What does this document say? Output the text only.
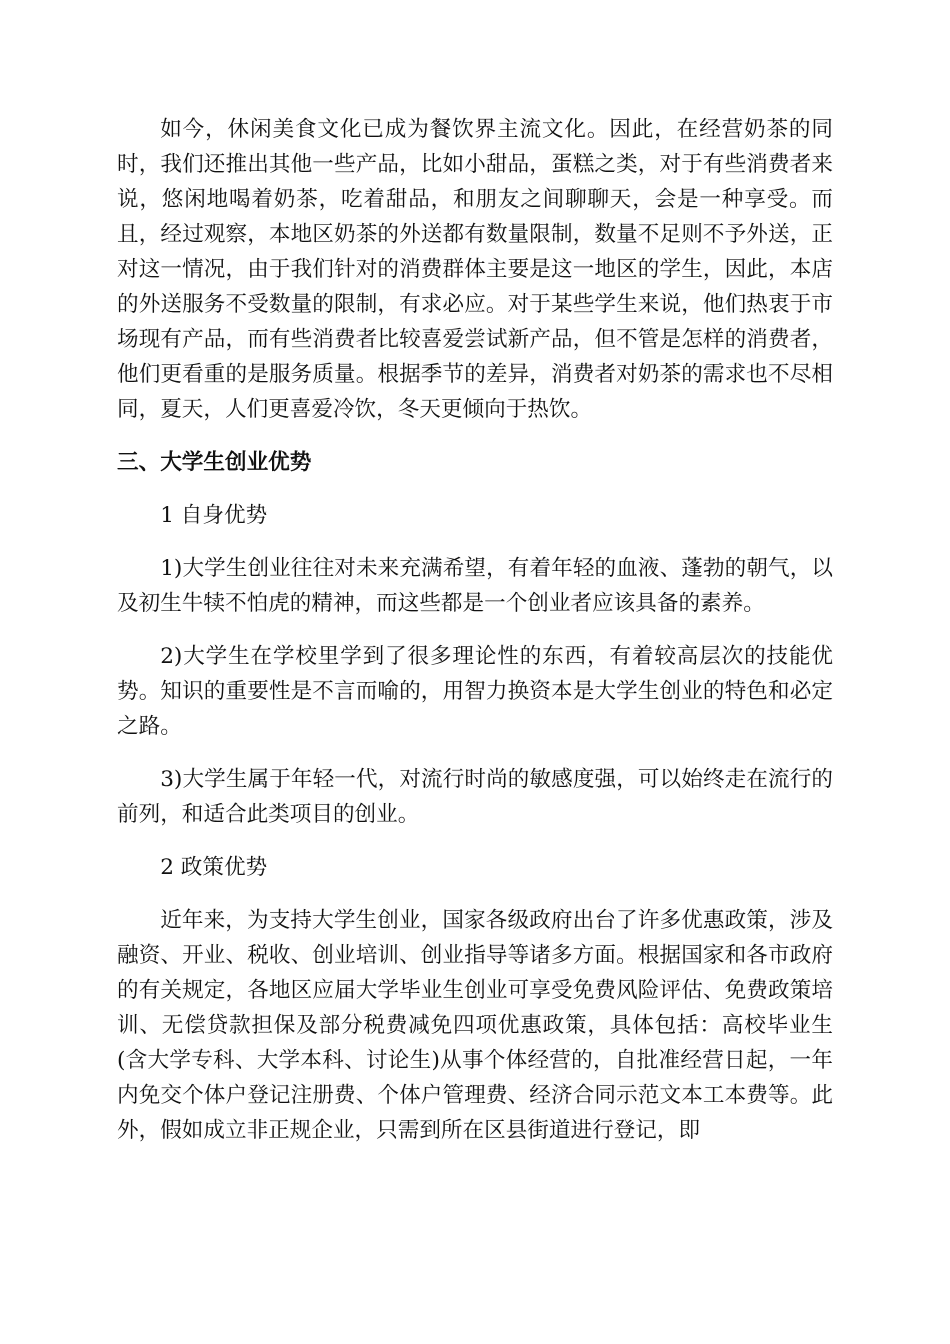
如今，休闲美食文化已成为餐饮界主流文化。因此，在经营奶茶的同时，我们还推出其他一些产品，比如小甜品，蛋糕之类，对于有些消费者来说，悠闲地喝着奶茶，吃着甜品，和朋友之间聊聊天，会是一种享受。而且，经过观察，本地区奶茶的外送都有数量限制，数量不足则不予外送，正对这一情况，由于我们针对的消费群体主要是这一地区的学生，因此，本店的外送服务不受数量的限制，有求必应。对于某些学生来说，他们热衷于市场现有产品，而有些消费者比较喜爱尝试新产品，但不管是怎样的消费者，他们更看重的是服务质量。根据季节的差异，消费者对奶茶的需求也不尽相同，夏天，人们更喜爱冷饮，冬天更倾向于热饮。

三、大学生创业优势

1 自身优势

1)大学生创业往往对未来充满希望，有着年轻的血液、蓬勃的朝气，以及初生牛犊不怕虎的精神，而这些都是一个创业者应该具备的素养。

2)大学生在学校里学到了很多理论性的东西，有着较高层次的技能优势。知识的重要性是不言而喻的，用智力换资本是大学生创业的特色和必定之路。

3)大学生属于年轻一代，对流行时尚的敏感度强，可以始终走在流行的前列，和适合此类项目的创业。

2 政策优势

近年来，为支持大学生创业，国家各级政府出台了许多优惠政策，涉及融资、开业、税收、创业培训、创业指导等诸多方面。根据国家和各市政府的有关规定，各地区应届大学毕业生创业可享受免费风险评估、免费政策培训、无偿贷款担保及部分税费减免四项优惠政策，具体包括：高校毕业生(含大学专科、大学本科、讨论生)从事个体经营的，自批准经营日起，一年内免交个体户登记注册费、个体户管理费、经济合同示范文本工本费等。此外，假如成立非正规企业，只需到所在区县街道进行登记，即
